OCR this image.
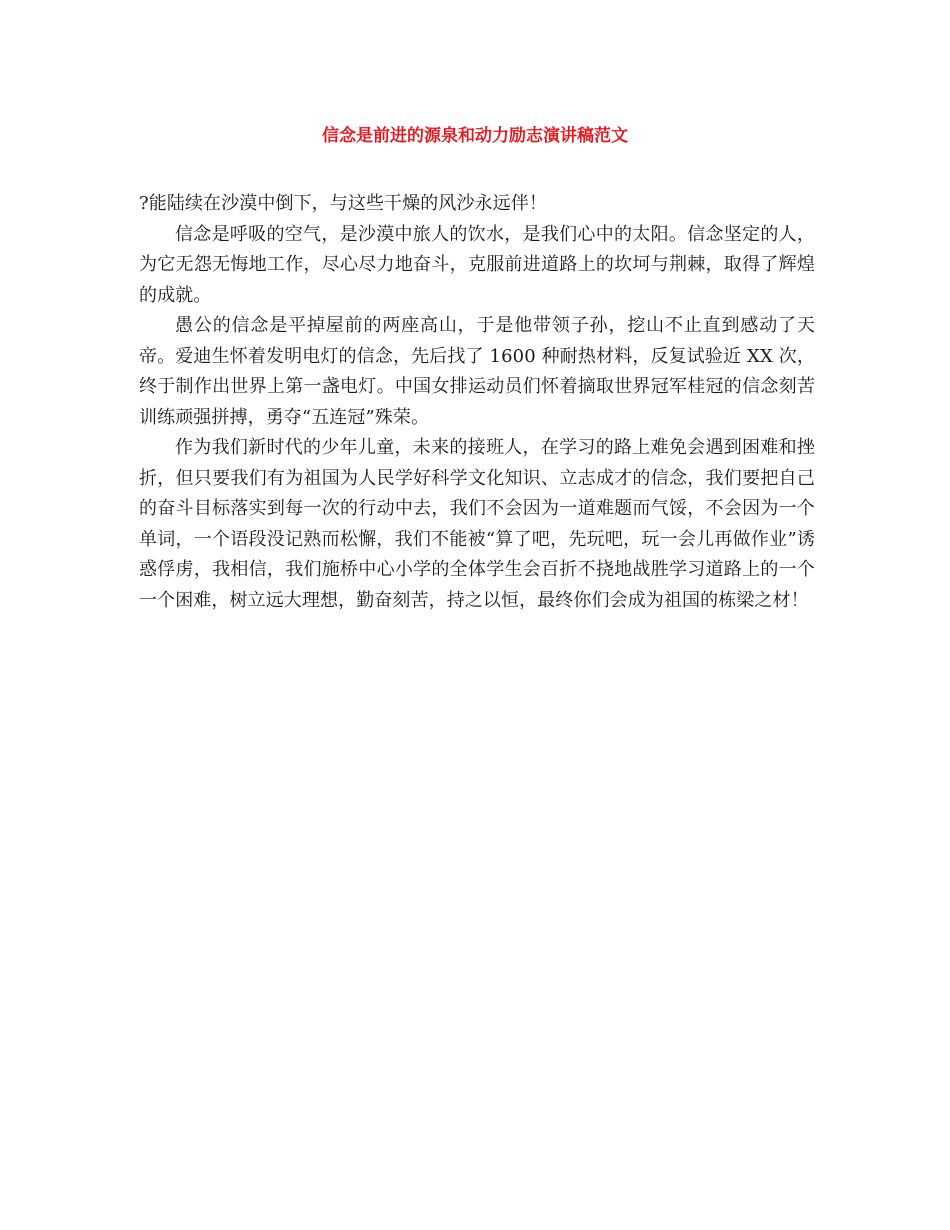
信念是前进的源泉和动力励志演讲稿范文

?能陆续在沙漠中倒下，与这些干燥的风沙永远伴！

信念是呼吸的空气，是沙漠中旅人的饮水，是我们心中的太阳。信念坚定的人，为它无怨无悔地工作，尽心尽力地奋斗，克服前进道路上的坎坷与荆棘，取得了辉煌的成就。

愚公的信念是平掉屋前的两座高山，于是他带领子孙，挖山不止直到感动了天帝。爱迪生怀着发明电灯的信念，先后找了 1600 种耐热材料，反复试验近 XX 次，终于制作出世界上第一盏电灯。中国女排运动员们怀着摘取世界冠军桂冠的信念刻苦训练顽强拼搏，勇夺“五连冠”殊荣。

作为我们新时代的少年儿童，未来的接班人，在学习的路上难免会遇到困难和挫折，但只要我们有为祖国为人民学好科学文化知识、立志成才的信念，我们要把自己的奋斗目标落实到每一次的行动中去，我们不会因为一道难题而气馁，不会因为一个单词，一个语段没记熟而松懈，我们不能被“算了吧，先玩吧，玩一会儿再做作业”诱惑俘虏，我相信，我们施桥中心小学的全体学生会百折不挠地战胜学习道路上的一个一个困难，树立远大理想，勤奋刻苦，持之以恒，最终你们会成为祖国的栋梁之材！
